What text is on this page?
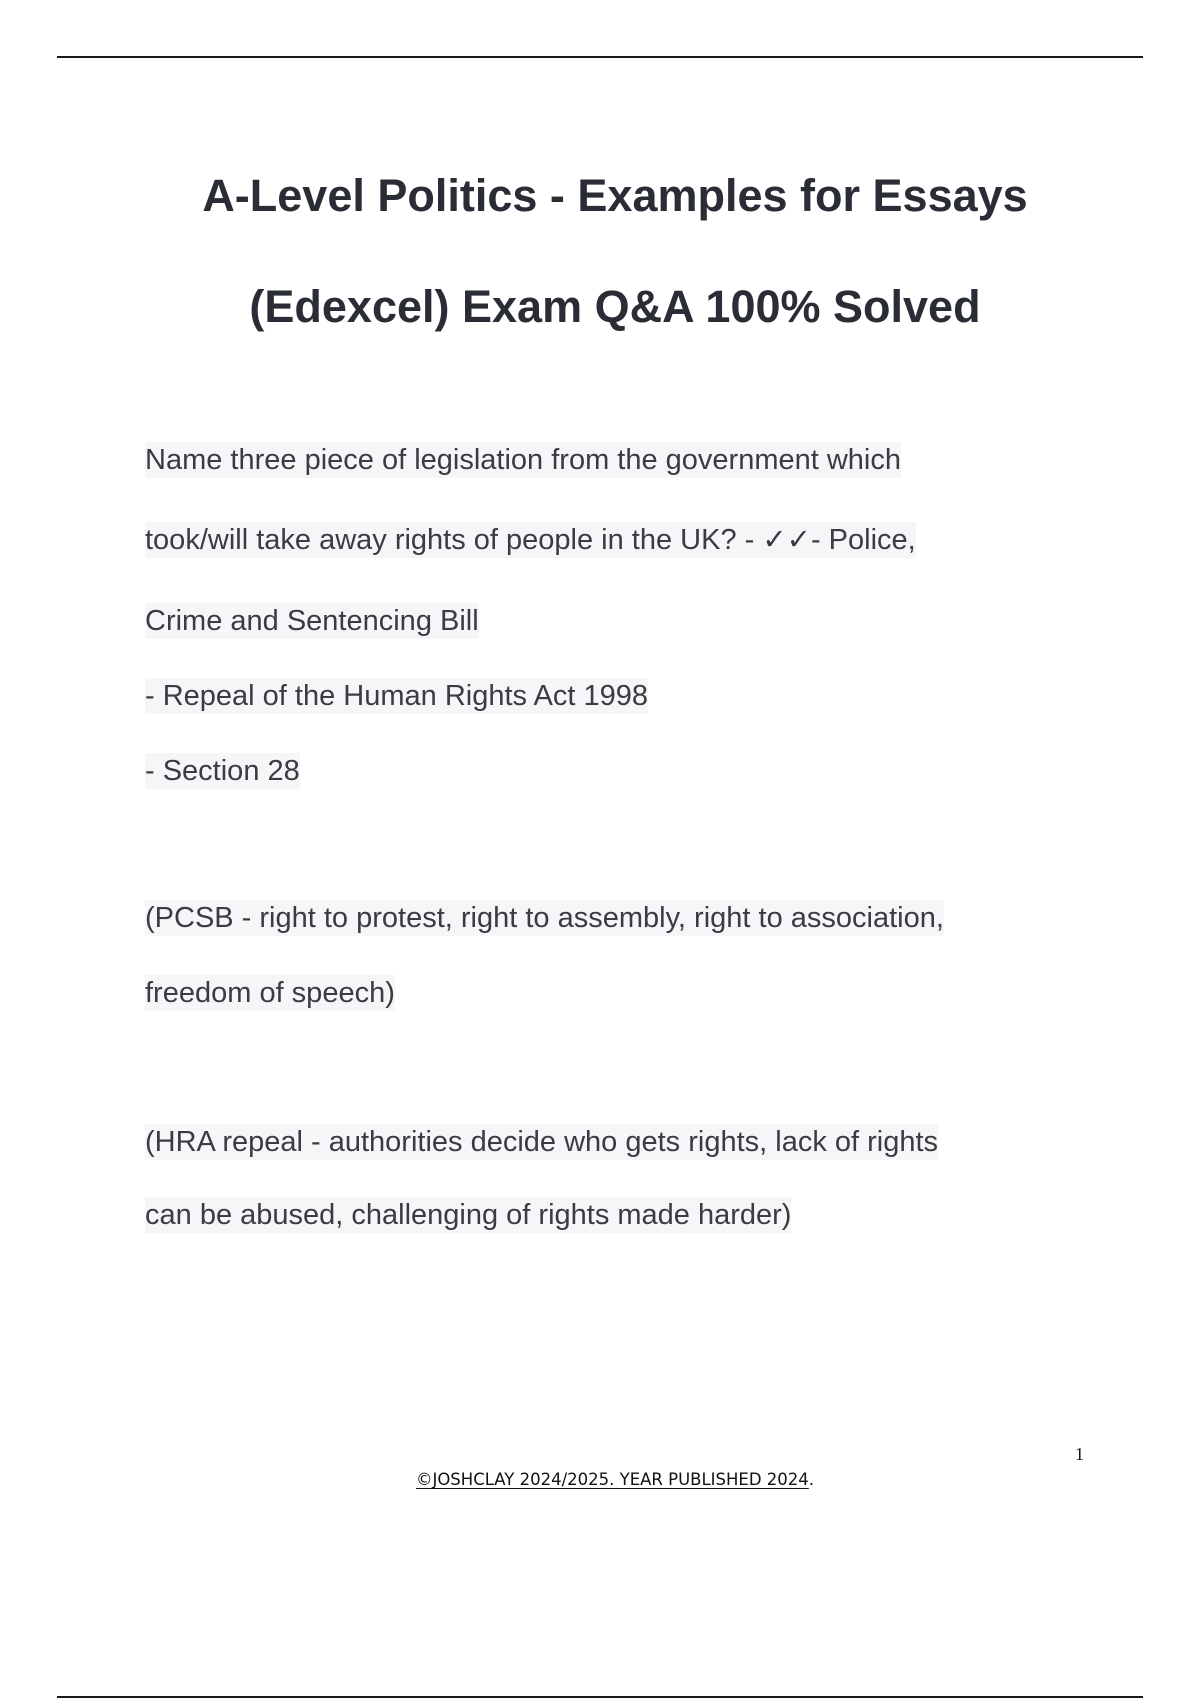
A-Level Politics - Examples for Essays
(Edexcel) Exam Q&A 100% Solved
Name three piece of legislation from the government which
took/will take away rights of people in the UK? - ✓✓- Police,
Crime and Sentencing Bill
- Repeal of the Human Rights Act 1998
- Section 28
(PCSB - right to protest, right to assembly, right to association,
freedom of speech)
(HRA repeal - authorities decide who gets rights, lack of rights
can be abused, challenging of rights made harder)
1
©JOSHCLAY 2024/2025. YEAR PUBLISHED 2024.
